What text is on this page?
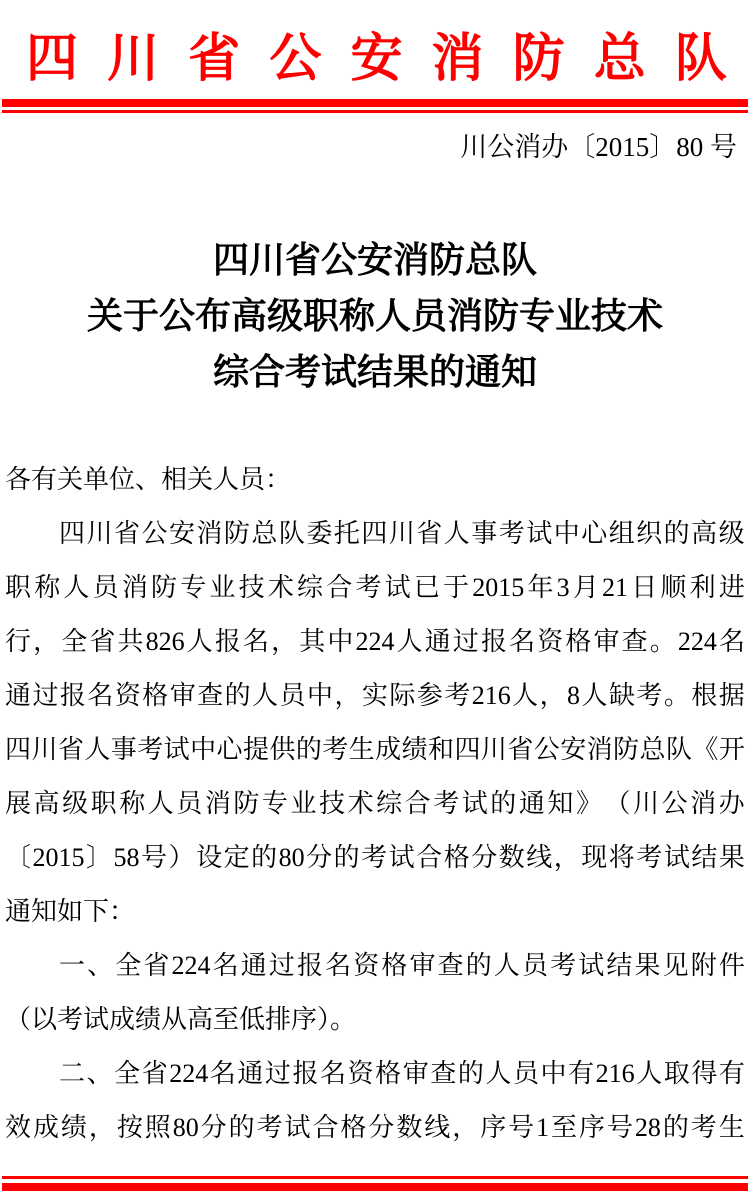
四 川 省 公 安 消 防 总 队
川公消办〔2015〕80 号
四川省公安消防总队
关于公布高级职称人员消防专业技术
综合考试结果的通知
各有关单位、相关人员：
四 川 省 公 安 消 防 总 队 委 托 四 川 省 人 事 考 试 中 心 组 织 的 高 级
职 称 人 员 消 防 专 业 技 术 综 合 考 试 已 于 2015 年 3 月 21 日 顺 利 进
行 ， 全 省 共 826 人 报 名 ， 其 中 224 人 通 过 报 名 资 格 审 查 。 224 名
通 过 报 名 资 格 审 查 的 人 员 中 ， 实 际 参 考 216 人 ， 8 人 缺 考 。 根 据
四 川 省 人 事 考 试 中 心 提 供 的 考 生 成 绩 和 四 川 省 公 安 消 防 总 队 《 开
展 高 级 职 称 人 员 消 防 专 业 技 术 综 合 考 试 的 通 知 》 （ 川 公 消 办
〔 2015 〕 58 号 ） 设 定 的 80 分 的 考 试 合 格 分 数 线 ， 现 将 考 试 结 果
通知如下：
一 、 全 省 224 名 通 过 报 名 资 格 审 查 的 人 员 考 试 结 果 见 附 件
（以考试成绩从高至低排序）。
二 、 全 省 224 名 通 过 报 名 资 格 审 查 的 人 员 中 有 216 人 取 得 有
效 成 绩 ， 按 照 80 分 的 考 试 合 格 分 数 线 ， 序 号 1 至 序 号 28 的 考 生
